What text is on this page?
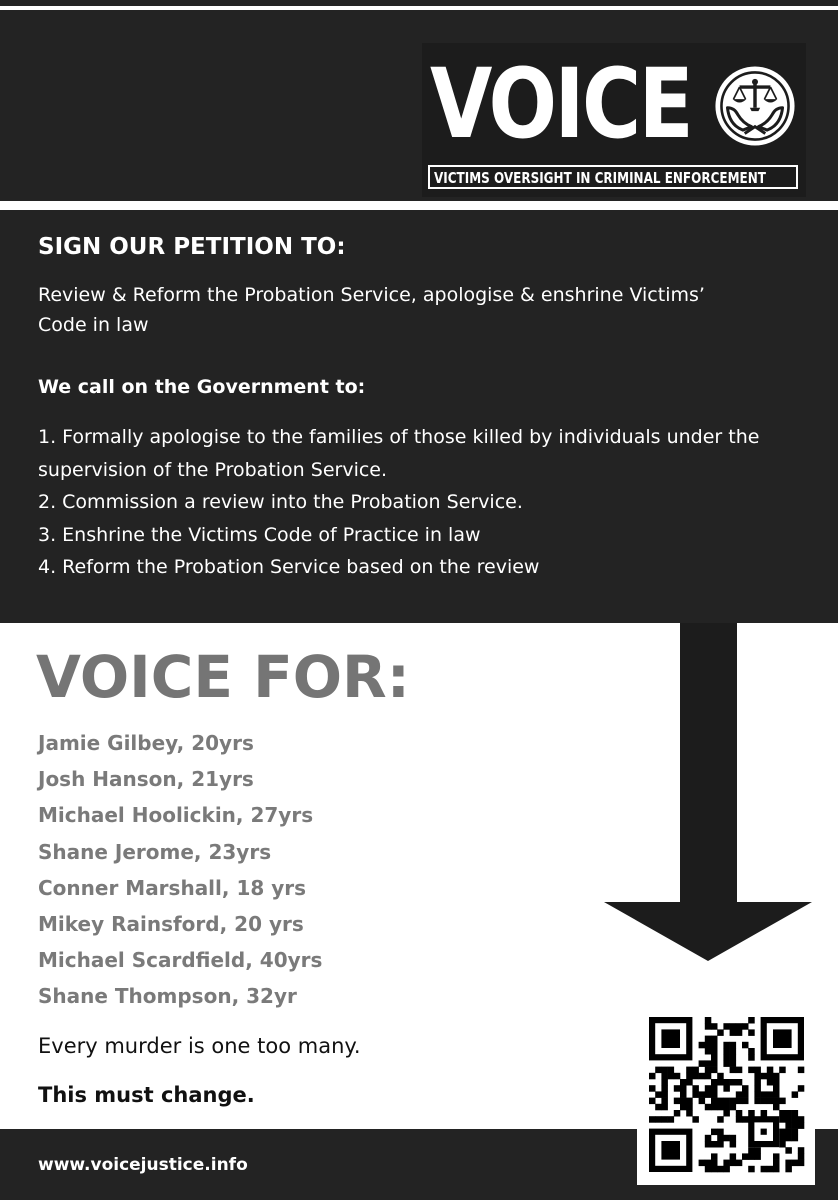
VOICE
VICTIMS OVERSIGHT IN CRIMINAL ENFORCEMENT
SIGN OUR PETITION TO:
Review & Reform the Probation Service, apologise & enshrine Victims’ Code in law
We call on the Government to:
1. Formally apologise to the families of those killed by individuals under the supervision of the Probation Service.
2. Commission a review into the Probation Service.
3. Enshrine the Victims Code of Practice in law
4. Reform the Probation Service based on the review
VOICE FOR:
Jamie Gilbey, 20yrs
Josh Hanson, 21yrs
Michael Hoolickin, 27yrs
Shane Jerome, 23yrs
Conner Marshall, 18 yrs
Mikey Rainsford, 20 yrs
Michael Scardfield, 40yrs
Shane Thompson, 32yr
Every murder is one too many.
This must change.
www.voicejustice.info
